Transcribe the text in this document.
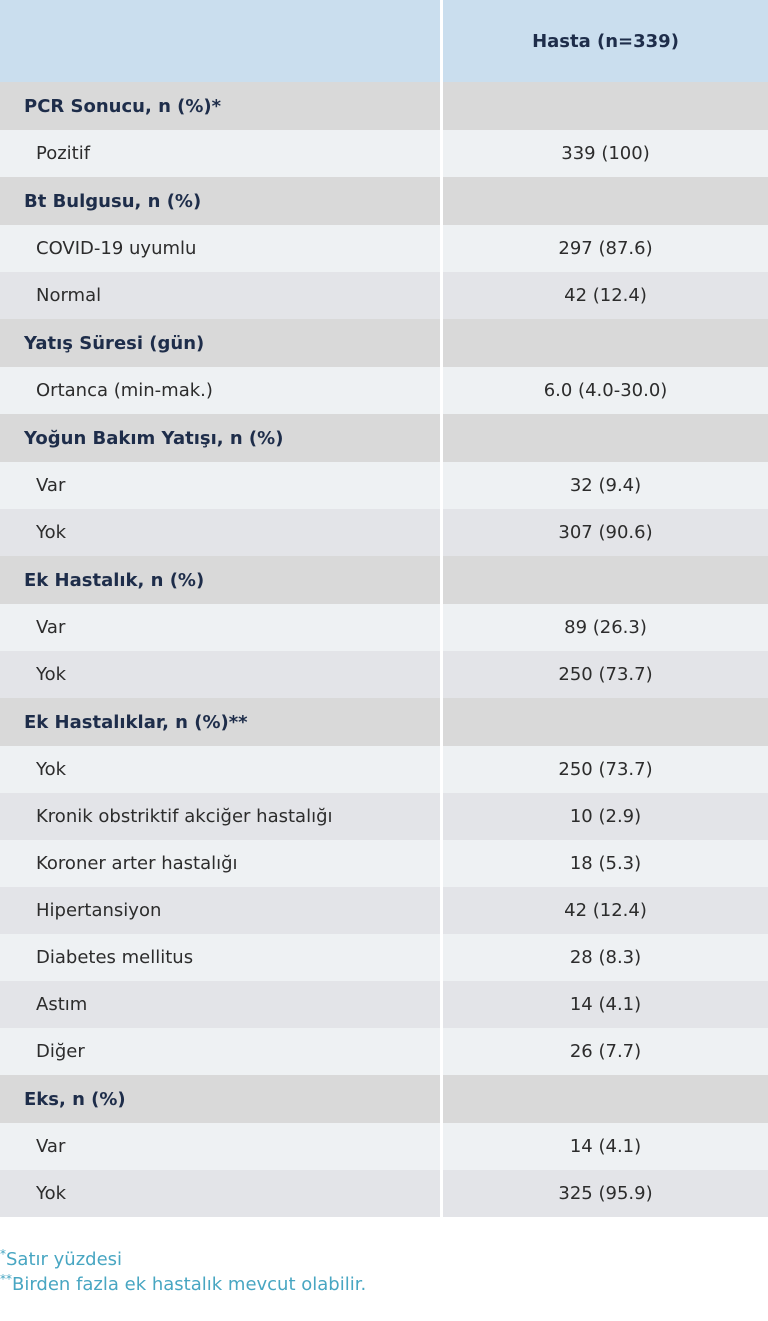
Hasta (n=339)
PCR Sonucu, n (%)*
Pozitif	339 (100)
Bt Bulgusu, n (%)
COVID-19 uyumlu	297 (87.6)
Normal	42 (12.4)
Yatış Süresi (gün)
Ortanca (min-mak.)	6.0 (4.0-30.0)
Yoğun Bakım Yatışı, n (%)
Var	32 (9.4)
Yok	307 (90.6)
Ek Hastalık, n (%)
Var	89 (26.3)
Yok	250 (73.7)
Ek Hastalıklar, n (%)**
Yok	250 (73.7)
Kronik obstriktif akciğer hastalığı	10 (2.9)
Koroner arter hastalığı	18 (5.3)
Hipertansiyon	42 (12.4)
Diabetes mellitus	28 (8.3)
Astım	14 (4.1)
Diğer	26 (7.7)
Eks, n (%)
Var	14 (4.1)
Yok	325 (95.9)
*Satır yüzdesi
**Birden fazla ek hastalık mevcut olabilir.
